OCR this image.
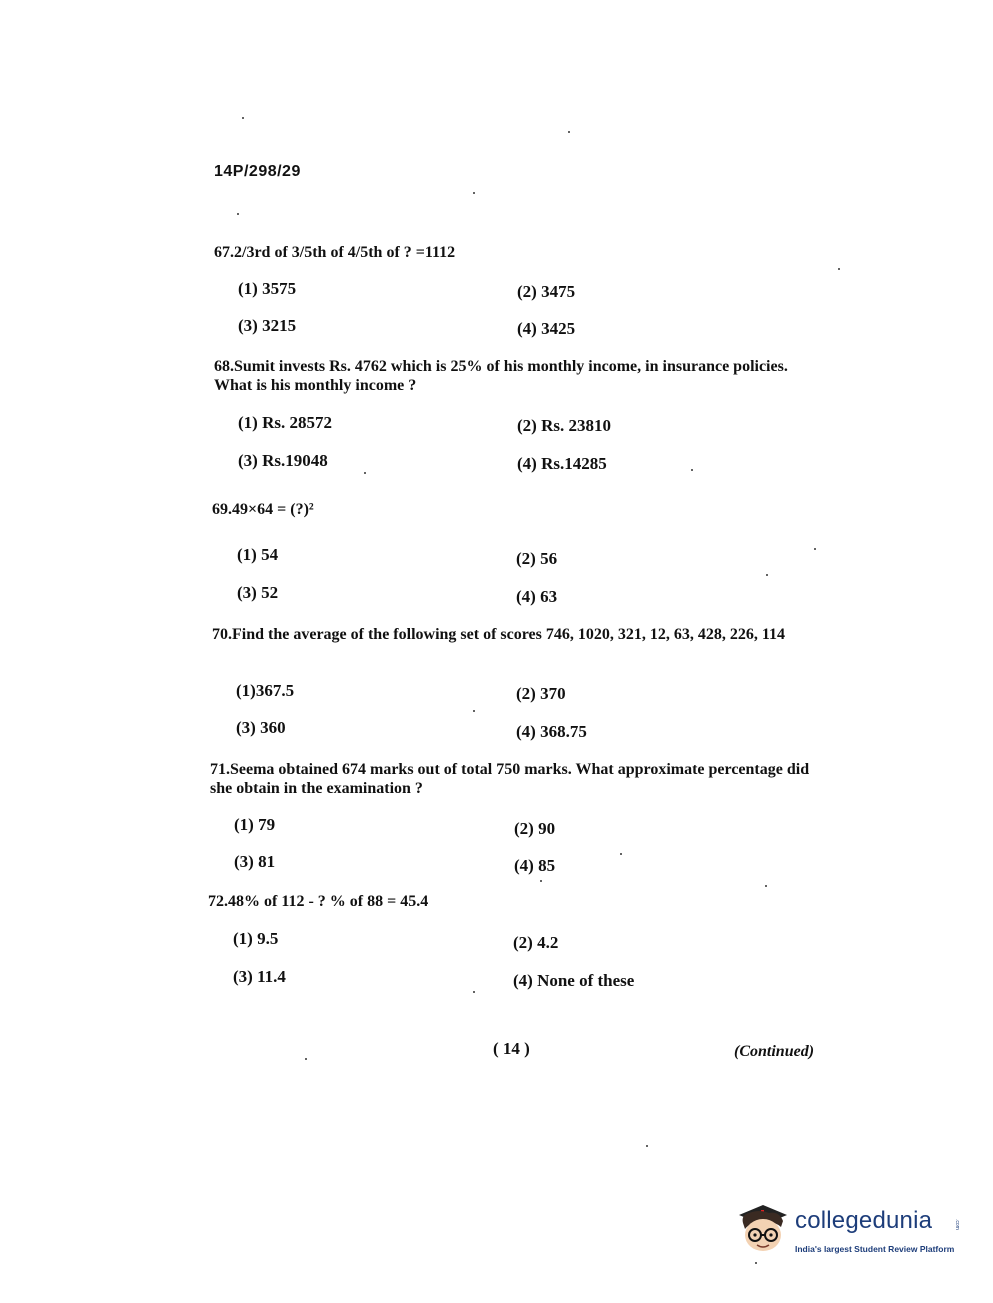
14P/298/29
67.2/3rd of 3/5th of 4/5th of ? =1112
(1) 3575	(2) 3475
(3) 3215	(4) 3425
68.Sumit invests Rs. 4762 which is 25% of his monthly income, in insurance policies. What is his monthly income ?
(1) Rs. 28572	(2) Rs. 23810
(3) Rs.19048	(4) Rs.14285
69.49×64 = (?)²
(1) 54	(2) 56
(3) 52	(4) 63
70.Find the average of the following set of scores 746, 1020, 321, 12, 63, 428, 226, 114
(1)367.5	(2) 370
(3) 360	(4) 368.75
71.Seema obtained 674 marks out of total 750 marks. What approximate percentage did she obtain in the examination ?
(1) 79	(2) 90
(3) 81	(4) 85
72.48% of 112 - ? % of 88 = 45.4
(1) 9.5	(2) 4.2
(3) 11.4	(4) None of these
( 14 )	(Continued)
collegedunia	.com
India's largest Student Review Platform
